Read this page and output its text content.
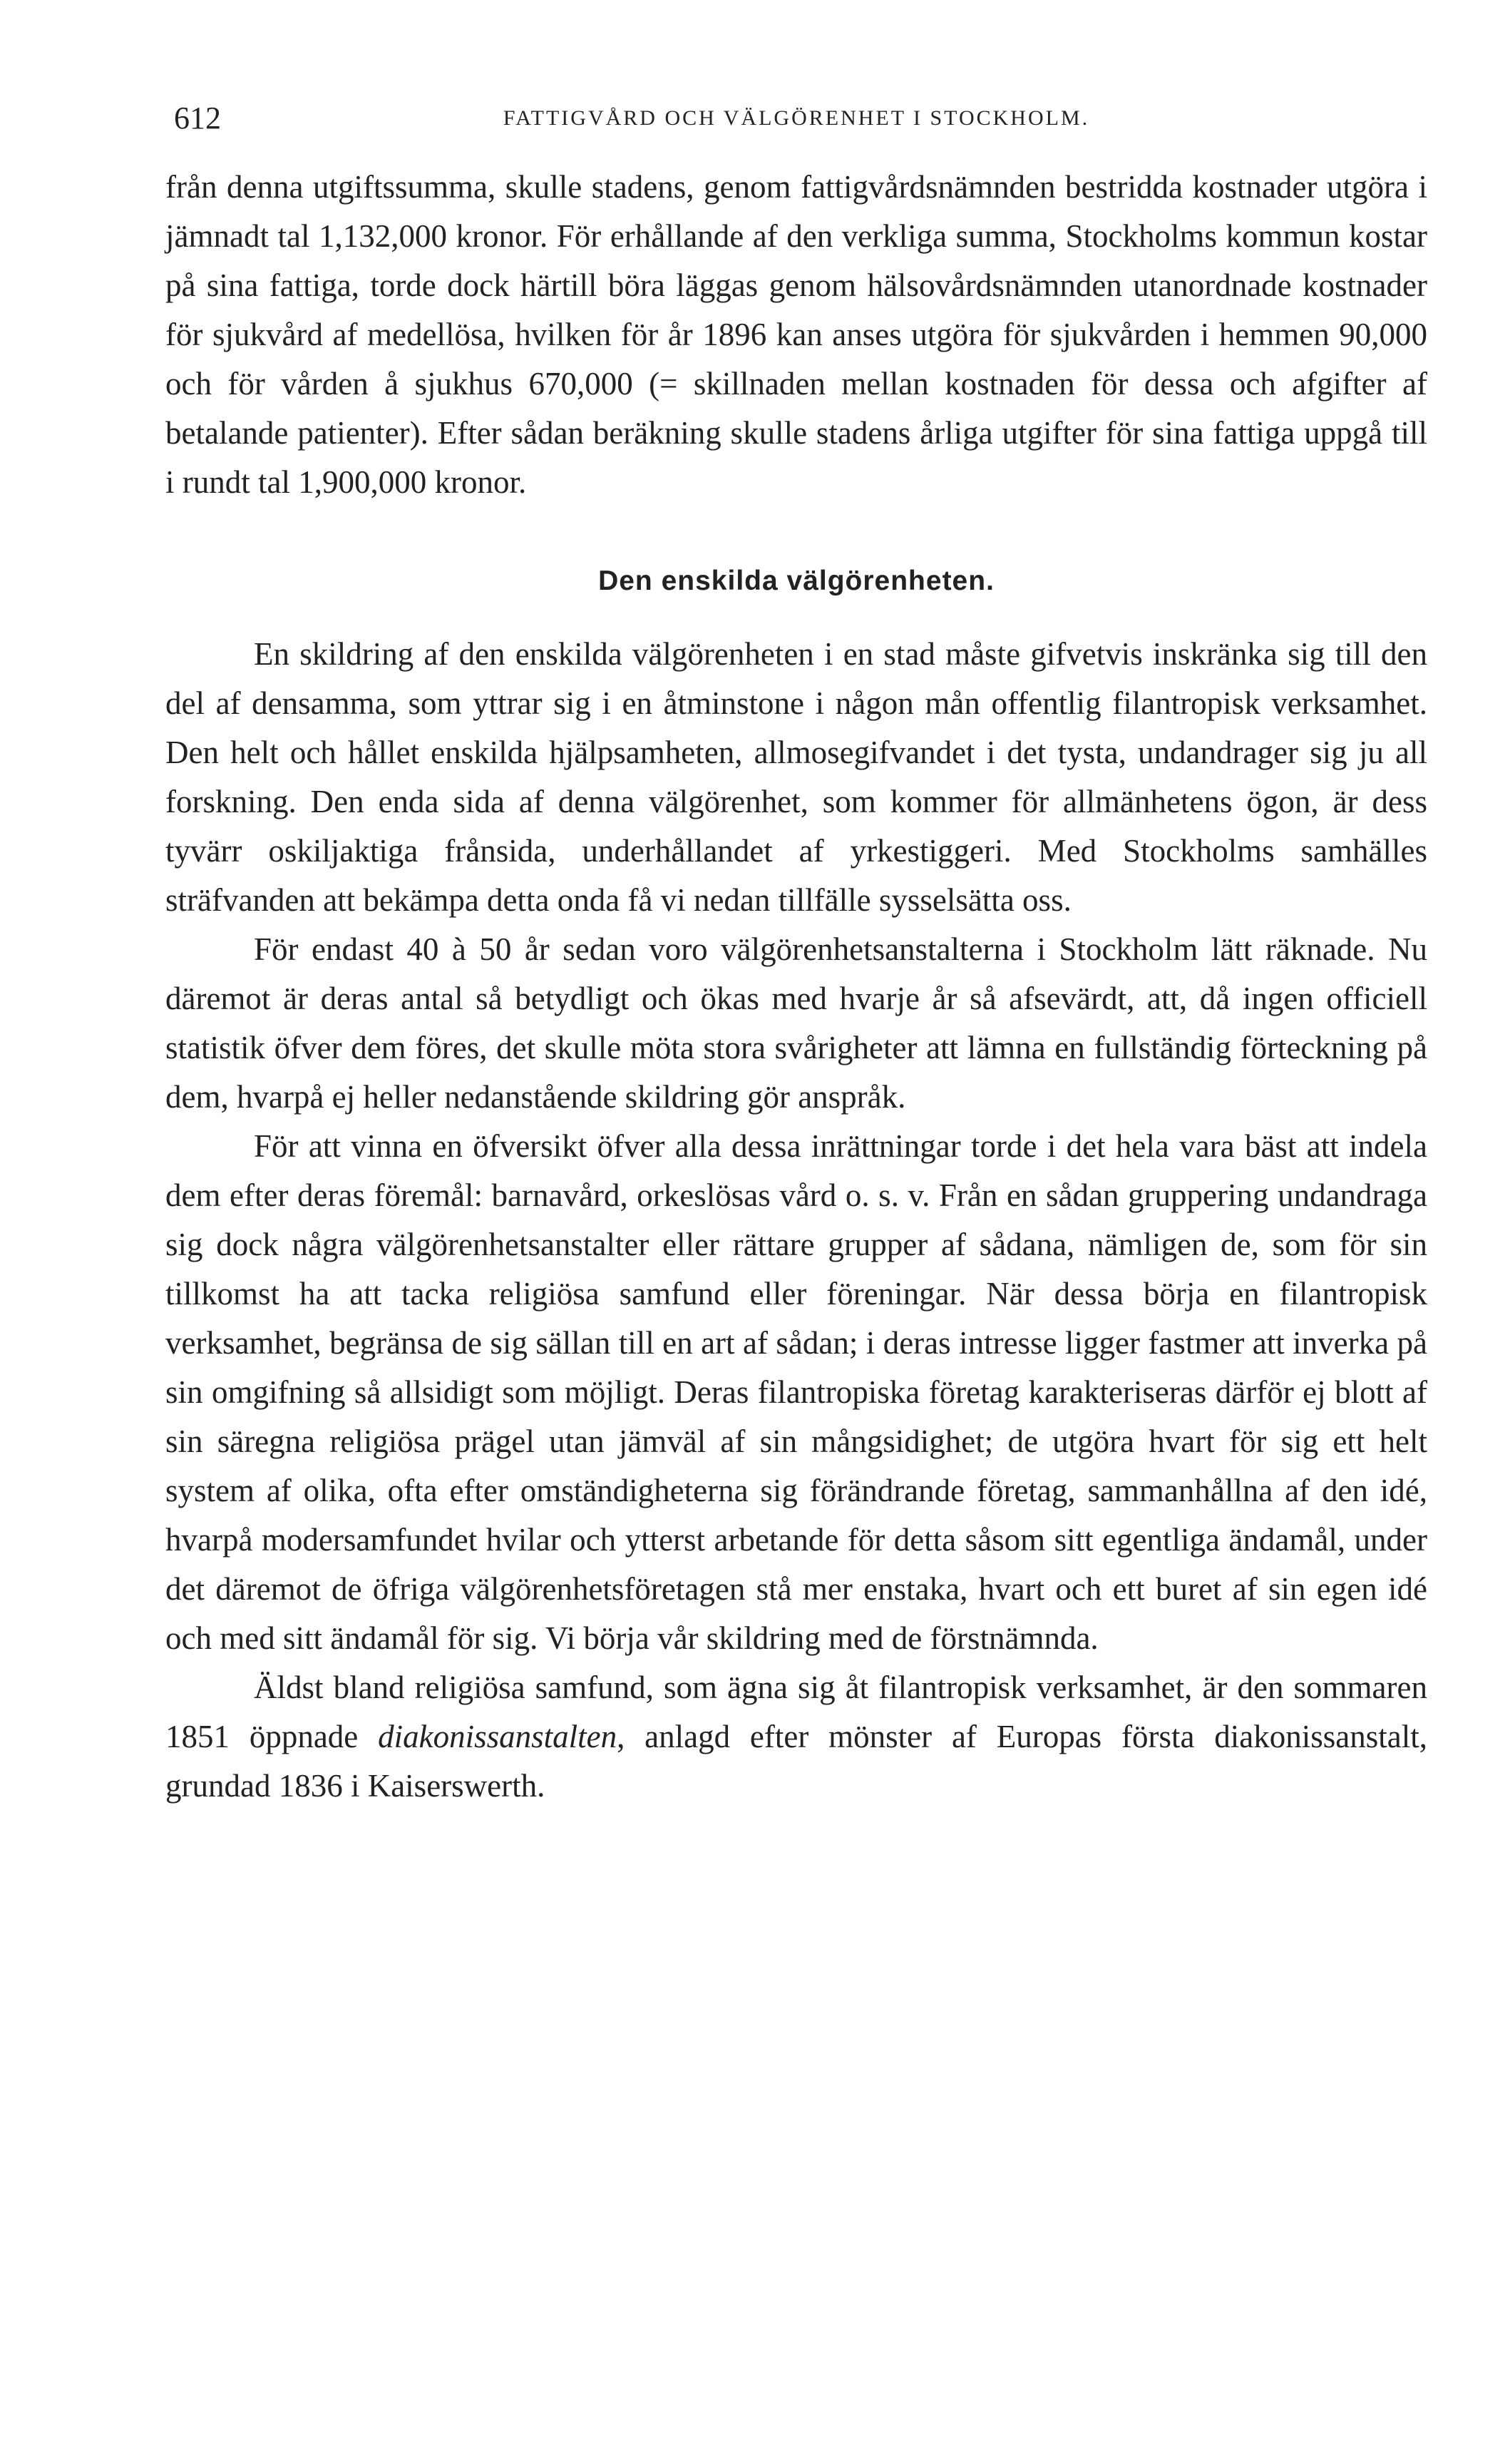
612	FATTIGVÅRD OCH VÄLGÖRENHET I STOCKHOLM.

från denna utgiftssumma, skulle stadens, genom fattigvårdsnämnden bestridda kostnader utgöra i jämnadt tal 1,132,000 kronor. För erhållande af den verkliga summa, Stockholms kommun kostar på sina fattiga, torde dock härtill böra läggas genom hälsovårdsnämnden utanordnade kostnader för sjukvård af medellösa, hvilken för år 1896 kan anses utgöra för sjukvården i hemmen 90,000 och för vården å sjukhus 670,000 (= skillnaden mellan kostnaden för dessa och afgifter af betalande patienter). Efter sådan beräkning skulle stadens årliga utgifter för sina fattiga uppgå till i rundt tal 1,900,000 kronor.

Den enskilda välgörenheten.

En skildring af den enskilda välgörenheten i en stad måste gifvetvis inskränka sig till den del af densamma, som yttrar sig i en åtminstone i någon mån offentlig filantropisk verksamhet. Den helt och hållet enskilda hjälpsamheten, allmosegifvandet i det tysta, undandrager sig ju all forskning. Den enda sida af denna välgörenhet, som kommer för allmänhetens ögon, är dess tyvärr oskiljaktiga frånsida, underhållandet af yrkestiggeri. Med Stockholms samhälles sträfvanden att bekämpa detta onda få vi nedan tillfälle sysselsätta oss.

För endast 40 à 50 år sedan voro välgörenhetsanstalterna i Stockholm lätt räknade. Nu däremot är deras antal så betydligt och ökas med hvarje år så afsevärdt, att, då ingen officiell statistik öfver dem föres, det skulle möta stora svårigheter att lämna en fullständig förteckning på dem, hvarpå ej heller nedanstående skildring gör anspråk.

För att vinna en öfversikt öfver alla dessa inrättningar torde i det hela vara bäst att indela dem efter deras föremål: barnavård, orkeslösas vård o. s. v. Från en sådan gruppering undandraga sig dock några välgörenhetsanstalter eller rättare grupper af sådana, nämligen de, som för sin tillkomst ha att tacka religiösa samfund eller föreningar. När dessa börja en filantropisk verksamhet, begränsa de sig sällan till en art af sådan; i deras intresse ligger fastmer att inverka på sin omgifning så allsidigt som möjligt. Deras filantropiska företag karakteriseras därför ej blott af sin säregna religiösa prägel utan jämväl af sin mångsidighet; de utgöra hvart för sig ett helt system af olika, ofta efter omständigheterna sig förändrande företag, sammanhållna af den idé, hvarpå modersamfundet hvilar och ytterst arbetande för detta såsom sitt egentliga ändamål, under det däremot de öfriga välgörenhetsföretagen stå mer enstaka, hvart och ett buret af sin egen idé och med sitt ändamål för sig. Vi börja vår skildring med de förstnämnda.

Äldst bland religiösa samfund, som ägna sig åt filantropisk verksamhet, är den sommaren 1851 öppnade diakonissanstalten, anlagd efter mönster af Europas första diakonissanstalt, grundad 1836 i Kaiserswerth.
